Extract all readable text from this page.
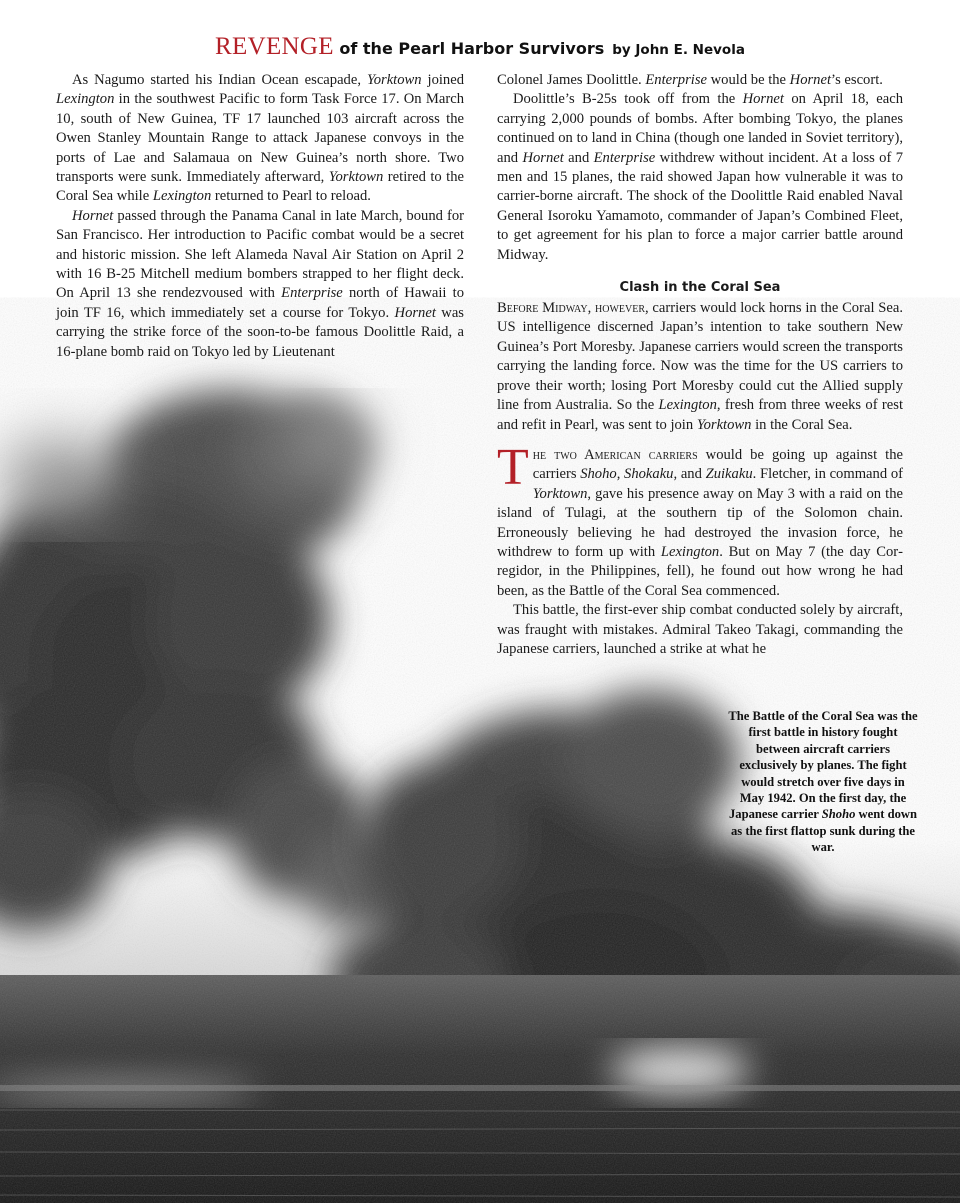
REVENGE of the Pearl Harbor Survivors by John E. Nevola

As Nagumo started his Indian Ocean escapade, Yorktown joined Lexington in the southwest Pacific to form Task Force 17. On March 10, south of New Guinea, TF 17 launched 103 aircraft across the Owen Stanley Mountain Range to attack Japanese convoys in the ports of Lae and Salamaua on New Guinea’s north shore. Two transports were sunk. Immediately afterward, Yorktown retired to the Coral Sea while Lexington returned to Pearl to reload.

Hornet passed through the Panama Canal in late March, bound for San Francisco. Her introduction to Pacific combat would be a secret and historic mission. She left Alameda Naval Air Station on April 2 with 16 B-25 Mitchell medium bombers strapped to her flight deck. On April 13 she rendezvoused with Enterprise north of Hawaii to join TF 16, which immediately set a course for Tokyo. Hornet was carrying the strike force of the soon-to-be famous Doolittle Raid, a 16-plane bomb raid on Tokyo led by Lieutenant

Colonel James Doolittle. Enterprise would be the Hornet’s escort.

Doolittle’s B-25s took off from the Hornet on April 18, each carrying 2,000 pounds of bombs. After bombing Tokyo, the planes continued on to land in China (though one landed in Soviet territory), and Hornet and Enterprise withdrew without incident. At a loss of 7 men and 15 planes, the raid showed Japan how vulnerable it was to carrier-borne aircraft. The shock of the Doolittle Raid enabled Naval General Isoroku Yamamoto, commander of Japan’s Combined Fleet, to get agreement for his plan to force a major carrier battle around Midway.

Clash in the Coral Sea

Before Midway, however, carriers would lock horns in the Coral Sea. US intelligence discerned Japan’s intention to take southern New Guinea’s Port Moresby. Japanese carriers would screen the transports carrying the landing force. Now was the time for the US carriers to prove their worth; losing Port Moresby could cut the Allied supply line from Australia. So the Lexington, fresh from three weeks of rest and refit in Pearl, was sent to join Yorktown in the Coral Sea.

The two American carriers would be going up against the carriers Shoho, Shokaku, and Zuikaku. Fletcher, in command of Yorktown, gave his presence away on May 3 with a raid on the island of Tulagi, at the southern tip of the Solomon chain. Erroneously believing he had destroyed the invasion force, he withdrew to form up with Lexington. But on May 7 (the day Corregidor, in the Philippines, fell), he found out how wrong he had been, as the Battle of the Coral Sea commenced.

This battle, the first-ever ship combat conducted solely by aircraft, was fraught with mistakes. Admiral Takeo Takagi, commanding the Japanese carriers, launched a strike at what he

The Battle of the Coral Sea was the first battle in history fought between aircraft carriers exclusively by planes. The fight would stretch over five days in May 1942. On the first day, the Japanese carrier Shoho went down as the first flattop sunk during the war.
